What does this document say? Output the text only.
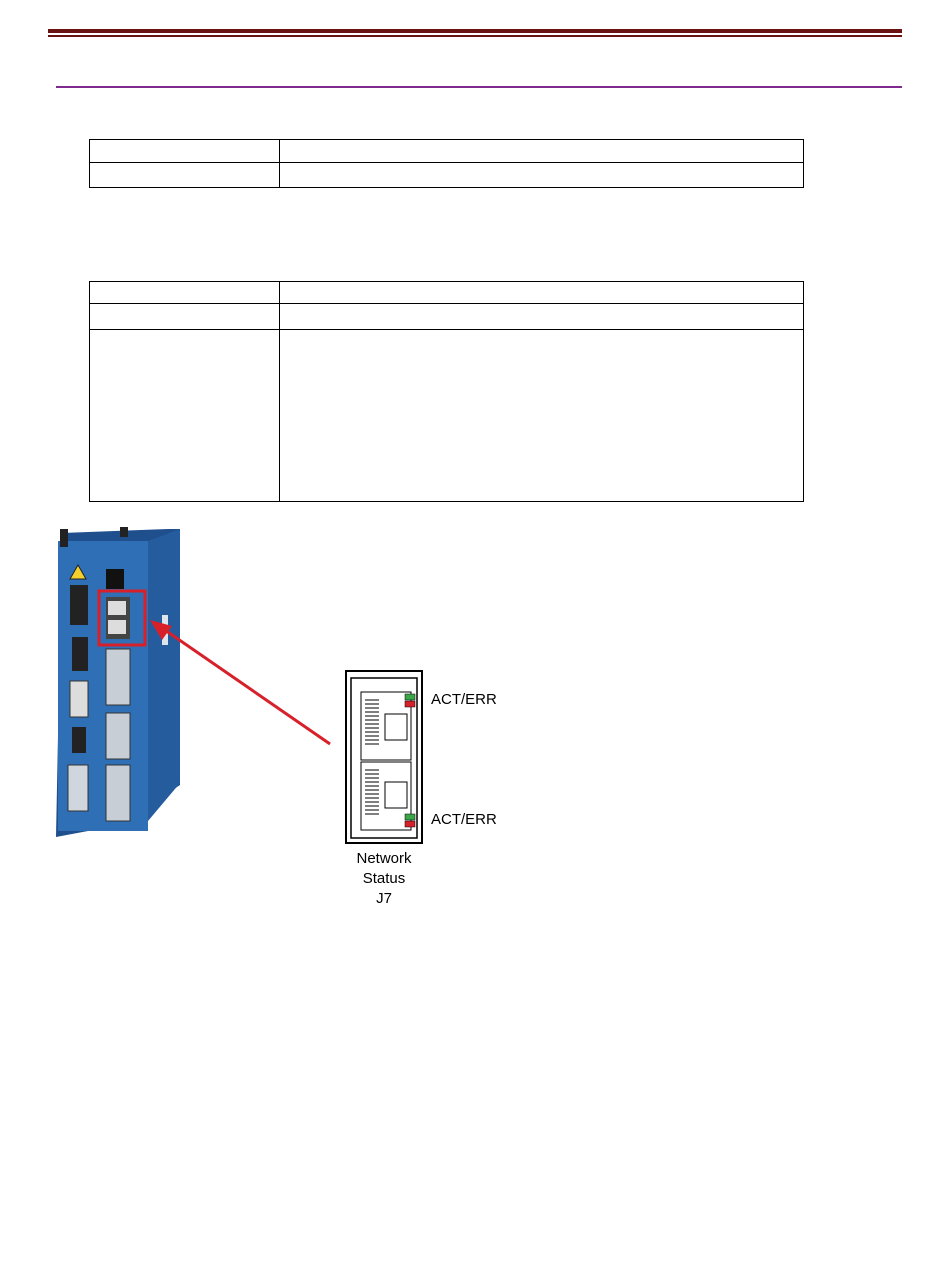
ACT/ERR
ACT/ERR
Network
Status
J7
